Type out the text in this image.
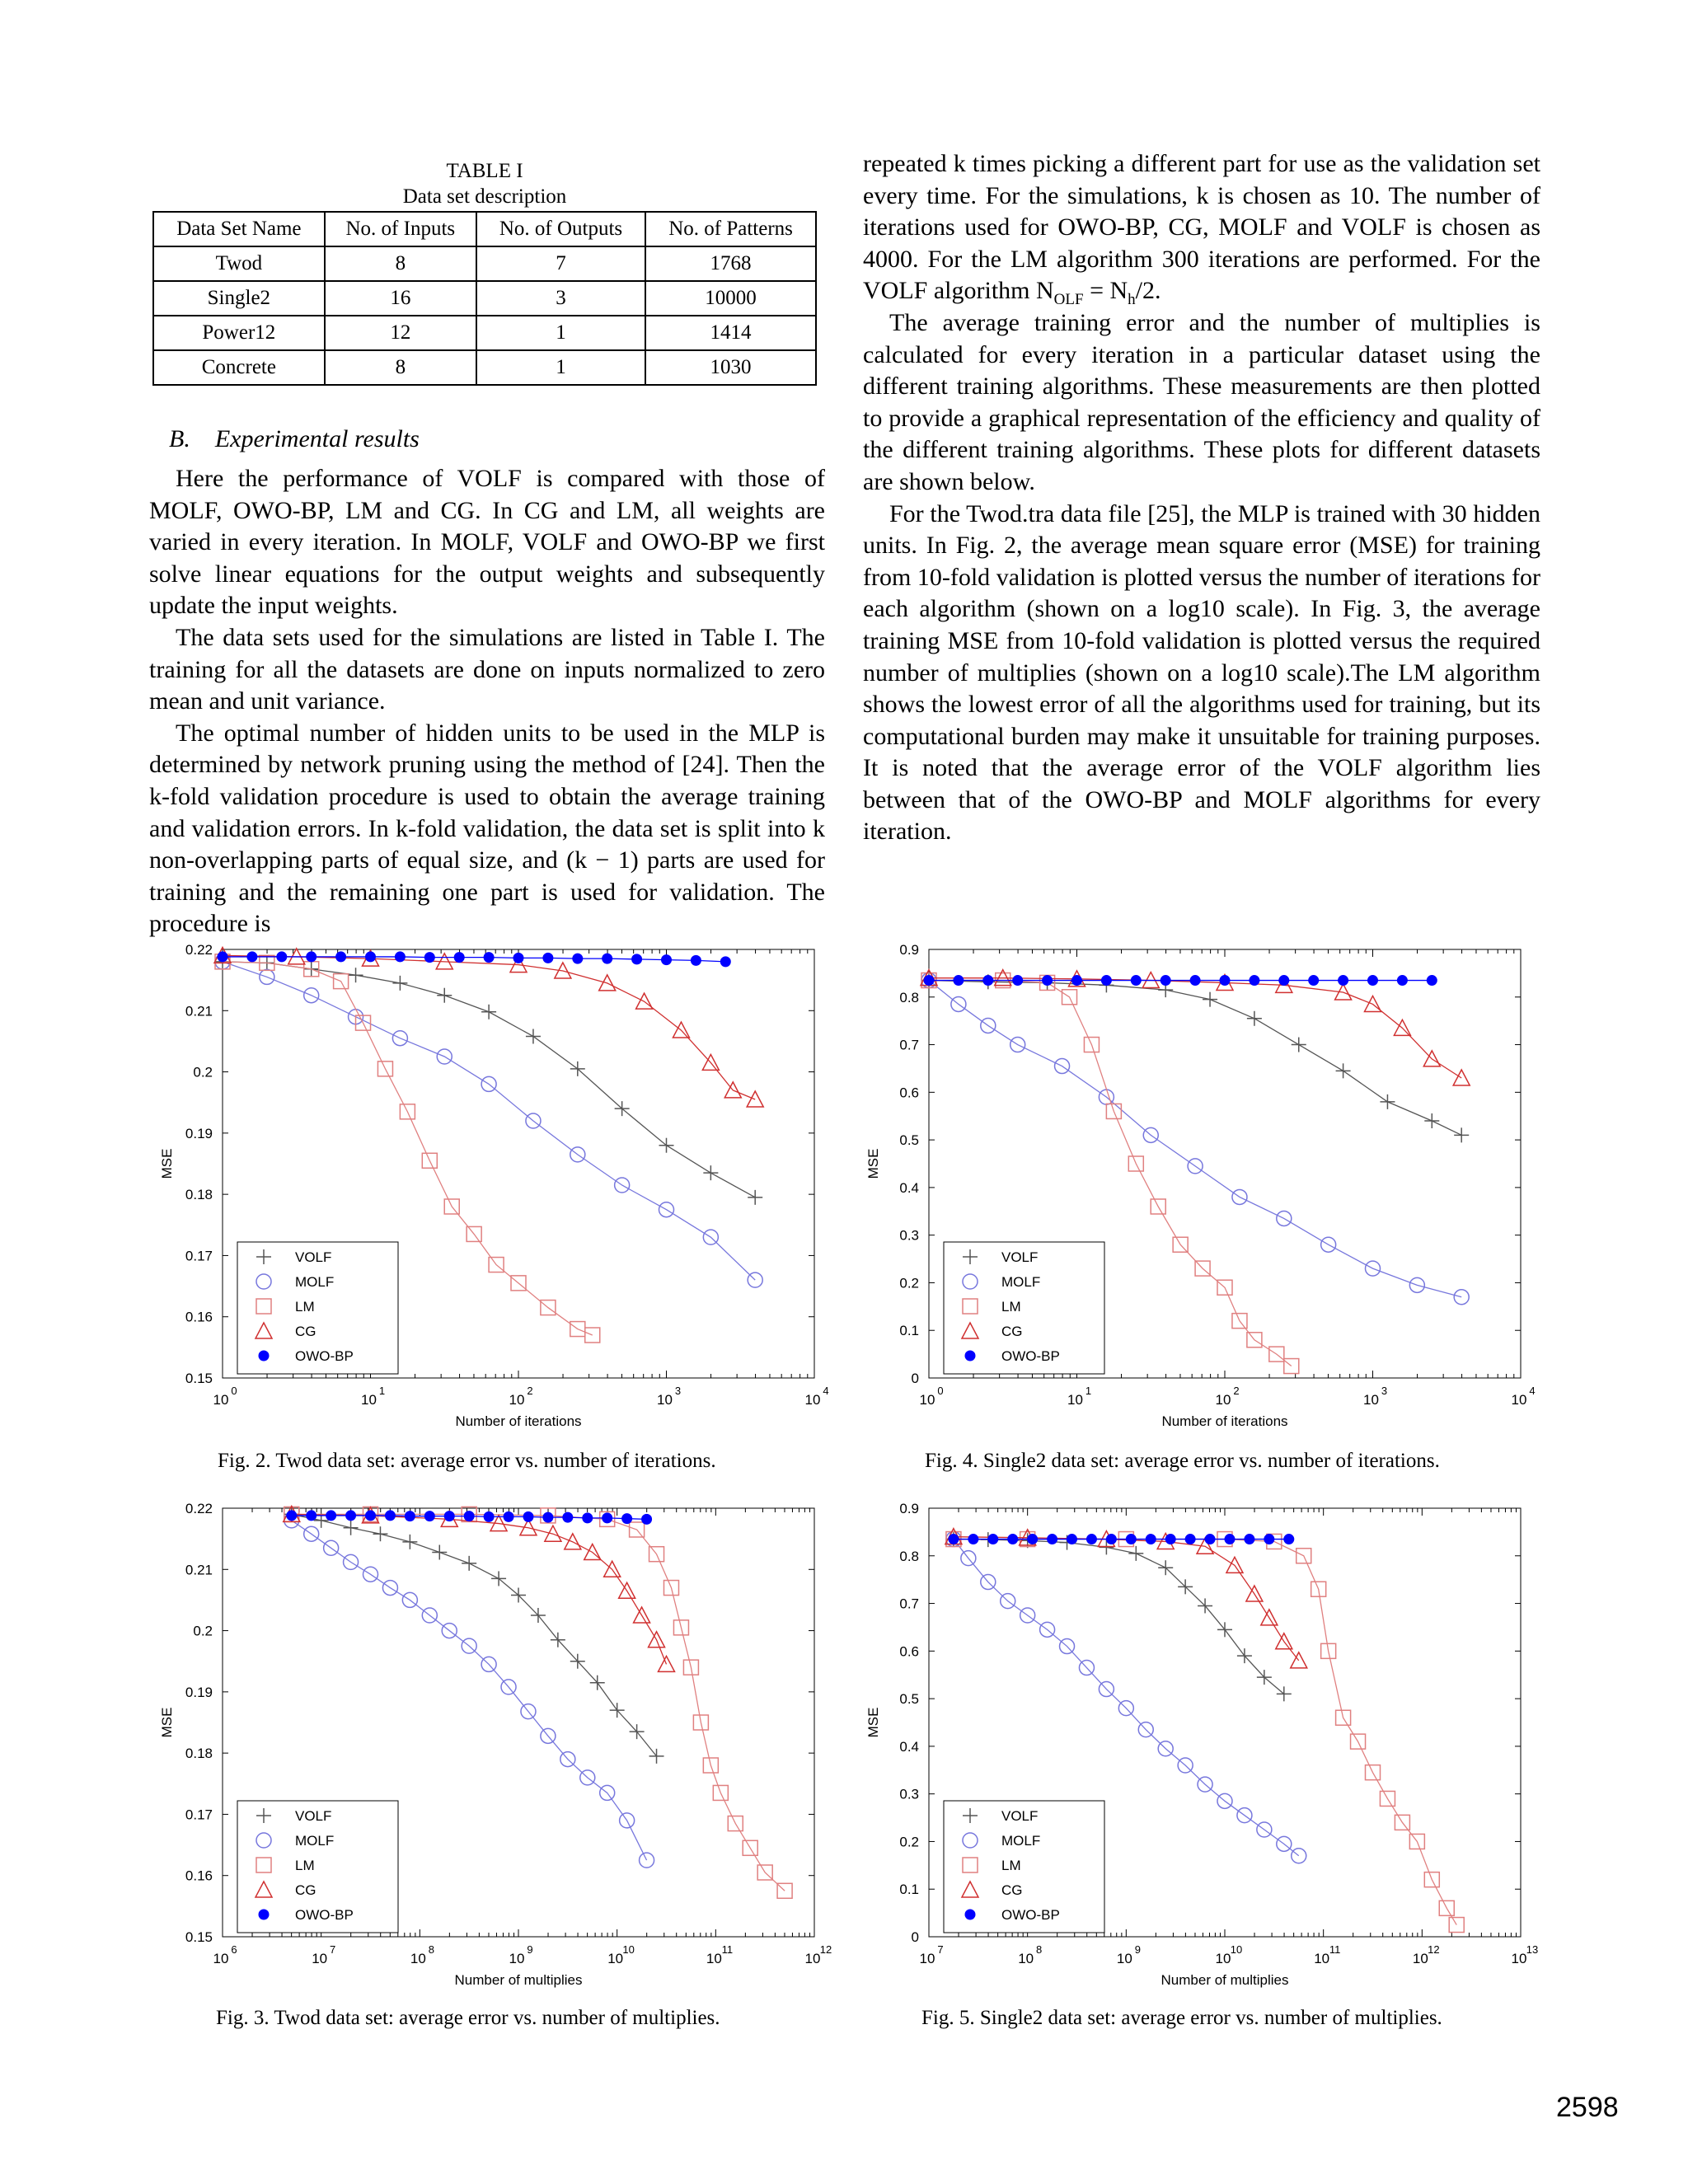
TABLE I
Data set description
Data Set Name	No. of Inputs	No. of Outputs	No. of Patterns
Twod	8	7	1768
Single2	16	3	10000
Power12	12	1	1414
Concrete	8	1	1030
B. Experimental results

Here the performance of VOLF is compared with those of MOLF, OWO-BP, LM and CG. In CG and LM, all weights are varied in every iteration. In MOLF, VOLF and OWO-BP we first solve linear equations for the output weights and subsequently update the input weights.

The data sets used for the simulations are listed in Table I. The training for all the datasets are done on inputs normalized to zero mean and unit variance.

The optimal number of hidden units to be used in the MLP is determined by network pruning using the method of [24]. Then the k-fold validation procedure is used to obtain the average training and validation errors. In k-fold validation, the data set is split into k non-overlapping parts of equal size, and (k − 1) parts are used for training and the remaining one part is used for validation. The procedure is

repeated k times picking a different part for use as the validation set every time. For the simulations, k is chosen as 10. The number of iterations used for OWO-BP, CG, MOLF and VOLF is chosen as 4000. For the LM algorithm 300 iterations are performed. For the VOLF algorithm $N_{OLF} = N_h/2$.

The average training error and the number of multiplies is calculated for every iteration in a particular dataset using the different training algorithms. These measurements are then plotted to provide a graphical representation of the efficiency and quality of the different training algorithms. These plots for different datasets are shown below.

For the Twod.tra data file [25], the MLP is trained with 30 hidden units. In Fig. 2, the average mean square error (MSE) for training from 10-fold validation is plotted versus the number of iterations for each algorithm (shown on a log10 scale). In Fig. 3, the average training MSE from 10-fold validation is plotted versus the required number of multiplies (shown on a log10 scale).The LM algorithm shows the lowest error of all the algorithms used for training, but its computational burden may make it unsuitable for training purposes. It is noted that the average error of the VOLF algorithm lies between that of the OWO-BP and MOLF algorithms for every iteration.

0.15
0.16
0.17
0.18
0.19
0.2
0.21
0.22
10
0
10
1
10
2
10
3
10
4
Number of iterations
MSE
VOLF
MOLF
LM
CG
OWO-BP
Fig. 2. Twod data set: average error vs. number of iterations.
0
0.1
0.2
0.3
0.4
0.5
0.6
0.7
0.8
0.9
10
0
10
1
10
2
10
3
10
4
Number of iterations
MSE
VOLF
MOLF
LM
CG
OWO-BP
Fig. 4. Single2 data set: average error vs. number of iterations.
0.15
0.16
0.17
0.18
0.19
0.2
0.21
0.22
10
6
10
7
10
8
10
9
10
10
10
11
10
12
Number of multiplies
MSE
VOLF
MOLF
LM
CG
OWO-BP
Fig. 3. Twod data set: average error vs. number of multiplies.
0
0.1
0.2
0.3
0.4
0.5
0.6
0.7
0.8
0.9
10
7
10
8
10
9
10
10
10
11
10
12
10
13
Number of multiplies
MSE
VOLF
MOLF
LM
CG
OWO-BP
Fig. 5. Single2 data set: average error vs. number of multiplies.
2598
